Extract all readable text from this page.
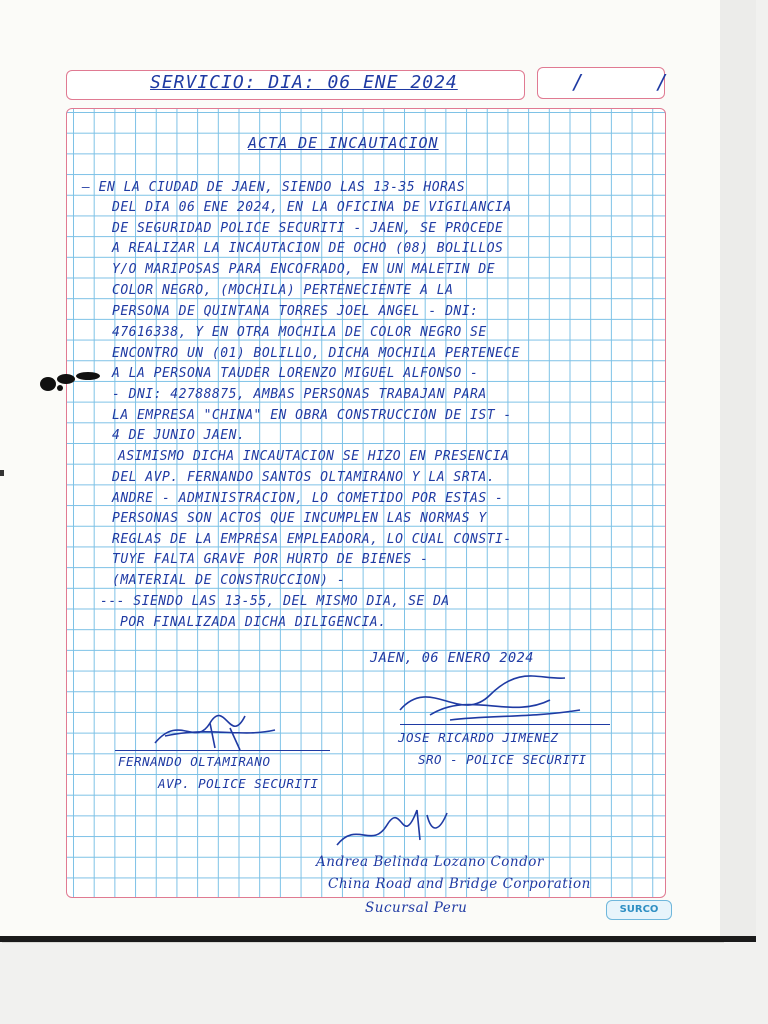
SERVICIO: DIA: 06 ENE 2024	/ /
ACTA DE INCAUTACION
— EN LA CIUDAD DE JAEN, SIENDO LAS 13-35 HORAS
DEL DIA 06 ENE 2024, EN LA OFICINA DE VIGILANCIA
DE SEGURIDAD POLICE SECURITI - JAEN, SE PROCEDE
A REALIZAR LA INCAUTACION DE OCHO (08) BOLILLOS
Y/O MARIPOSAS PARA ENCOFRADO, EN UN MALETIN DE
COLOR NEGRO, (MOCHILA) PERTENECIENTE A LA
PERSONA DE QUINTANA TORRES JOEL ANGEL - DNI:
47616338, Y EN OTRA MOCHILA DE COLOR NEGRO SE
ENCONTRO UN (01) BOLILLO, DICHA MOCHILA PERTENECE
A LA PERSONA TAUDER LORENZO MIGUEL ALFONSO -
- DNI: 42788875, AMBAS PERSONAS TRABAJAN PARA
LA EMPRESA "CHINA" EN OBRA CONSTRUCCION DE IST -
4 DE JUNIO JAEN.
ASIMISMO DICHA INCAUTACION SE HIZO EN PRESENCIA
DEL AVP. FERNANDO SANTOS OLTAMIRANO Y LA SRTA.
ANDRE - ADMINISTRACION, LO COMETIDO POR ESTAS -
PERSONAS SON ACTOS QUE INCUMPLEN LAS NORMAS Y
REGLAS DE LA EMPRESA EMPLEADORA, LO CUAL CONSTI-
TUYE FALTA GRAVE POR HURTO DE BIENES -
(MATERIAL DE CONSTRUCCION) -
--- SIENDO LAS 13-55, DEL MISMO DIA, SE DA
POR FINALIZADA DICHA DILIGENCIA.
JAEN, 06 ENERO 2024
FERNANDO OLTAMIRANO
AVP. POLICE SECURITI
JOSE RICARDO JIMENEZ
SRO - POLICE SECURITI
Andrea Belinda Lozano Condor
China Road and Bridge Corporation
Sucursal Peru	SURCO
